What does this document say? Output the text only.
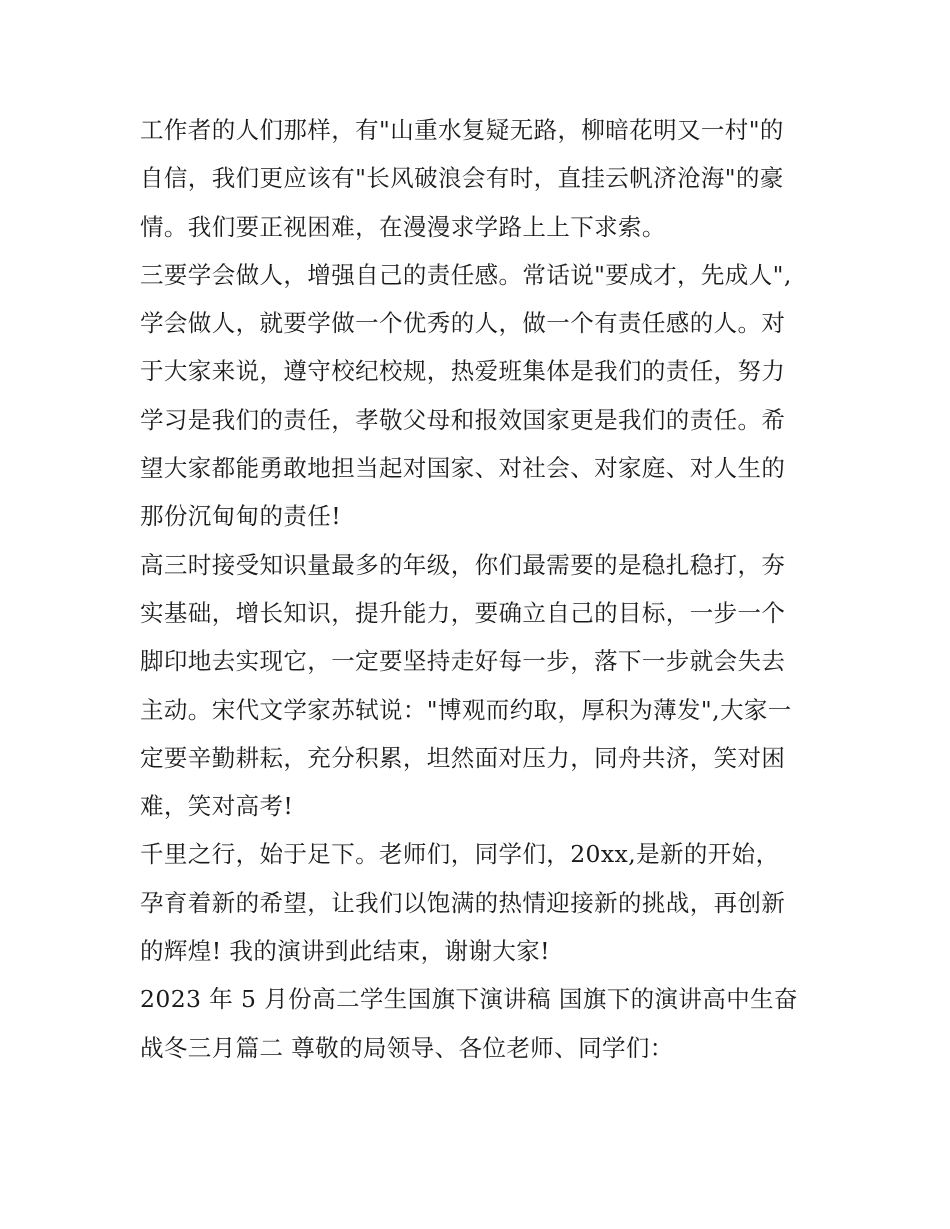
工作者的人们那样，有"山重水复疑无路，柳暗花明又一村"的
自信，我们更应该有"长风破浪会有时，直挂云帆济沧海"的豪
情。我们要正视困难，在漫漫求学路上上下求索。
三要学会做人，增强自己的责任感。常话说"要成才，先成人",
学会做人，就要学做一个优秀的人，做一个有责任感的人。对
于大家来说，遵守校纪校规，热爱班集体是我们的责任，努力
学习是我们的责任，孝敬父母和报效国家更是我们的责任。希
望大家都能勇敢地担当起对国家、对社会、对家庭、对人生的
那份沉甸甸的责任!
高三时接受知识量最多的年级，你们最需要的是稳扎稳打，夯
实基础，增长知识，提升能力，要确立自己的目标，一步一个
脚印地去实现它，一定要坚持走好每一步，落下一步就会失去
主动。宋代文学家苏轼说："博观而约取，厚积为薄发",大家一
定要辛勤耕耘，充分积累，坦然面对压力，同舟共济，笑对困
难，笑对高考!
千里之行，始于足下。老师们，同学们，20xx,是新的开始，
孕育着新的希望，让我们以饱满的热情迎接新的挑战，再创新
的辉煌! 我的演讲到此结束，谢谢大家!
2023 年 5 月份高二学生国旗下演讲稿 国旗下的演讲高中生奋
战冬三月篇二 尊敬的局领导、各位老师、同学们：
